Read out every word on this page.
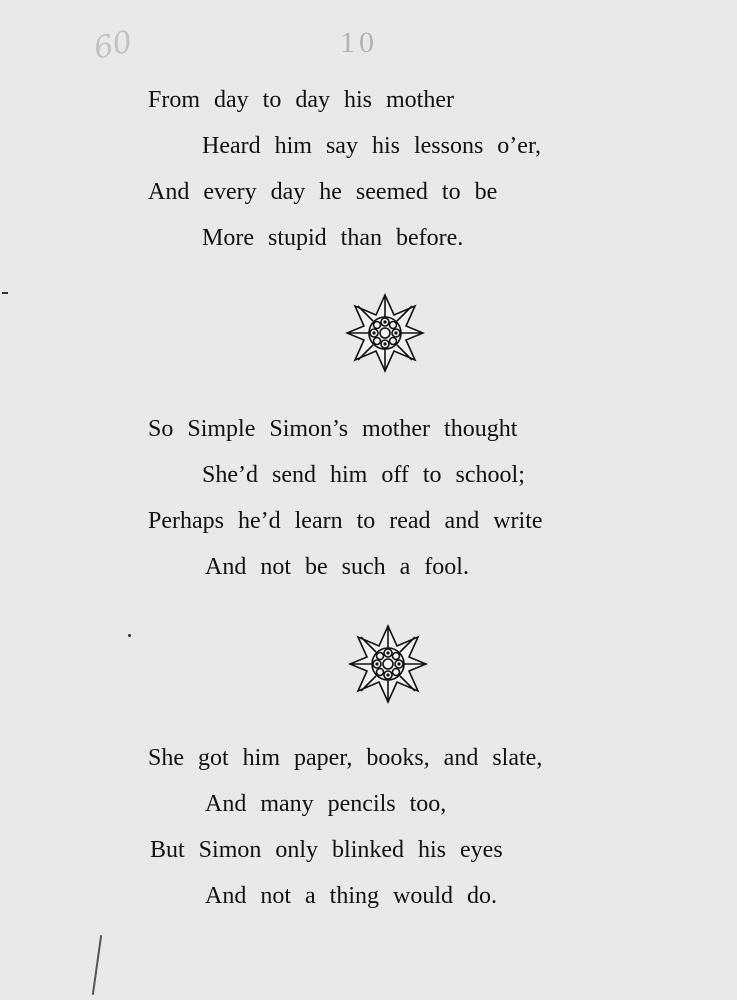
60	10
From day to day his mother
Heard him say his lessons o’er,
And every day he seemed to be
More stupid than before.
So Simple Simon’s mother thought
She’d send him off to school;
Perhaps he’d learn to read and write
And not be such a fool.
She got him paper, books, and slate,
And many pencils too,
But Simon only blinked his eyes
And not a thing would do.
